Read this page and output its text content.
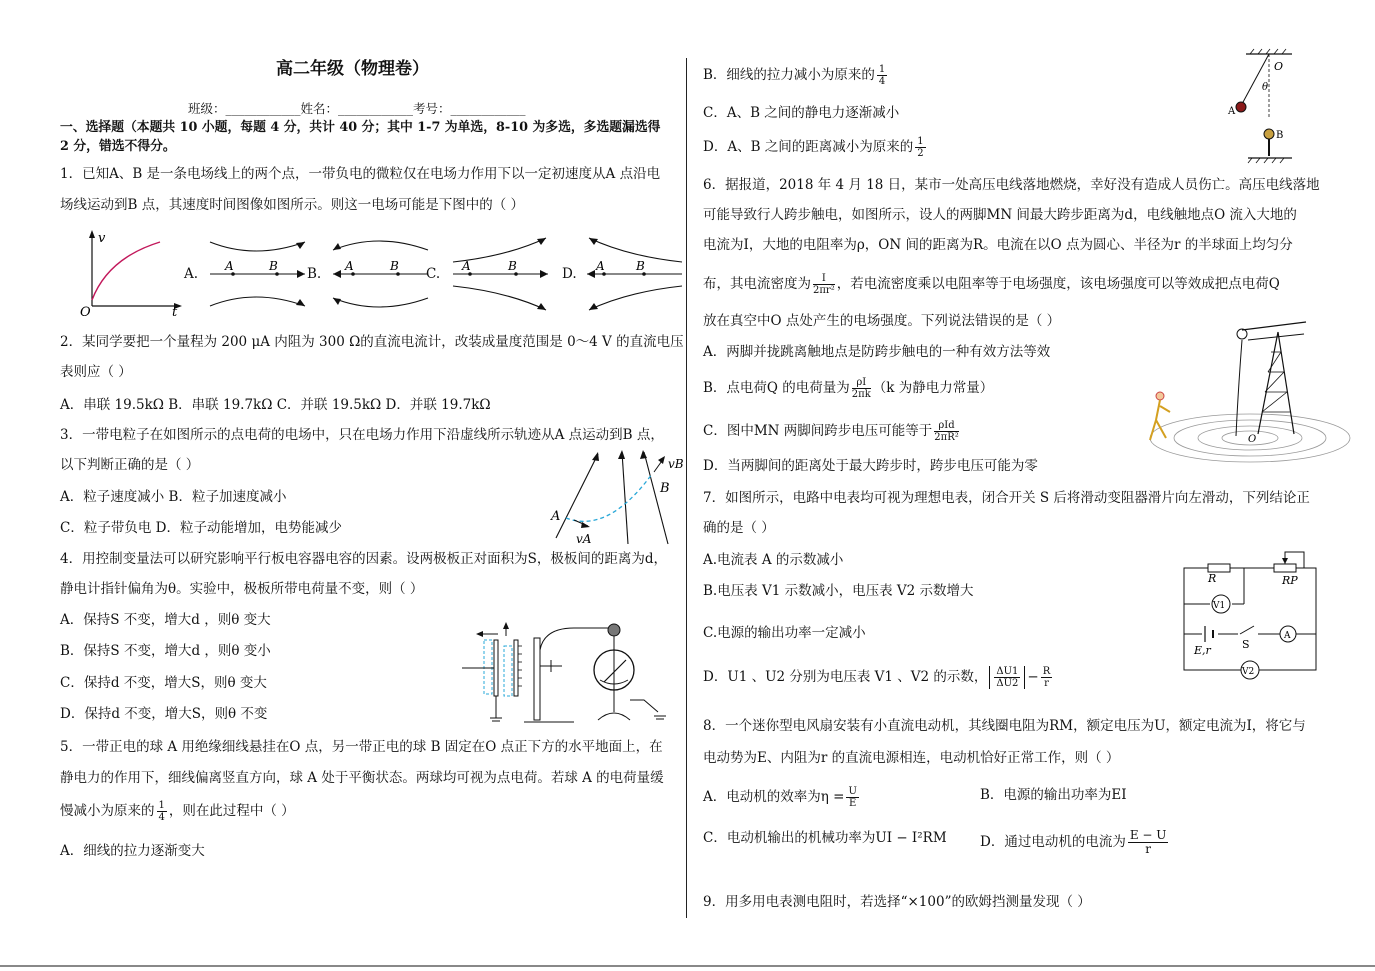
高二年级（物理卷）
班级：____________姓名：____________考号：____________
一、选择题（本题共 10 小题，每题 4 分，共计 40 分；其中 1-7 为单选，8-10 为多选，多选题漏选得
2 分，错选不得分。
1．已知A、B 是一条电场线上的两个点，一带负电的微粒仅在电场力作用下以一定初速度从A 点沿电
场线运动到B 点，其速度时间图像如图所示。则这一电场可能是下图中的（ ）
v
t
O
A. A	B B. A	B C. A	B	D. A	B
2．某同学要把一个量程为 200 μA 内阻为 300 Ω的直流电流计，改装成量度范围是 0～4 V 的直流电压
表则应（ ）
A．串联 19.5kΩ B．串联 19.7kΩ C．并联 19.5kΩ D．并联 19.7kΩ
3．一带电粒子在如图所示的点电荷的电场中，只在电场力作用下沿虚线所示轨迹从A 点运动到B 点，
以下判断正确的是（ ）
A．粒子速度减小 B．粒子加速度减小
C．粒子带负电 D．粒子动能增加，电势能减少
A
B
vA
vB
4．用控制变量法可以研究影响平行板电容器电容的因素。设两极板正对面积为S，极板间的距离为d，
静电计指针偏角为θ。实验中，极板所带电荷量不变，则（ ）
A．保持S 不变，增大d ，则θ 变大
B．保持S 不变，增大d ，则θ 变小
C．保持d 不变，增大S，则θ 变大
D．保持d 不变，增大S，则θ 不变
5．一带正电的球 A 用绝缘细线悬挂在O 点，另一带正电的球 B 固定在O 点正下方的水平地面上，在
静电力的作用下，细线偏离竖直方向，球 A 处于平衡状态。两球均可视为点电荷。若球 A 的电荷量缓
慢减小为原来的 $\frac{1}{4}$ ，则在此过程中（ ）
A．细线的拉力逐渐变大
B．细线的拉力减小为原来的 $\frac{1}{4}$
C．A、B 之间的静电力逐渐减小
D．A、B 之间的距离减小为原来的 $\frac{1}{2}$
O
θ
A
B
6．据报道，2018 年 4 月 18 日，某市一处高压电线落地燃烧，幸好没有造成人员伤亡。高压电线落地
可能导致行人跨步触电，如图所示，设人的两脚MN 间最大跨步距离为d，电线触地点O 流入大地的
电流为I，大地的电阻率为ρ，ON 间的距离为R。电流在以O 点为圆心、半径为r 的半球面上均匀分
布，其电流密度为 $\frac{I}{\text{2πr²}}$ ，若电流密度乘以电阻率等于电场强度，该电场强度可以等效成把点电荷Q
放在真空中O 点处产生的电场强度。下列说法错误的是（ ）
A．两脚并拢跳离触地点是防跨步触电的一种有效方法等效
B．点电荷Q 的电荷量为 $\frac{\rho I}{2\pi k} (k$ 为静电力常量）
C．图中MN 两脚间跨步电压可能等于 $\frac{\text{ρId}}{\text{2πR²}}$
D．当两脚间的距离处于最大跨步时，跨步电压可能为零
O
7．如图所示，电路中电表均可视为理想电表，闭合开关 S 后将滑动变阻器滑片向左滑动，下列结论正
确的是（ ）
A.电流表 A 的示数减小
B.电压表 V1 示数减小，电压表 V2 示数增大
C.电源的输出功率一定减小
D．U1 、U2 分别为电压表 V1 、V2 的示数， $\frac{\Delta U1}{\Delta U2} - \frac{R}{r}$
R	RP
V1
A
S
E,r
V2
8．一个迷你型电风扇安装有小直流电动机，其线圈电阻为RM，额定电压为U，额定电流为I，将它与
电动势为E、内阻为r 的直流电源相连，电动机恰好正常工作，则（ ）
A．电动机的效率为$\eta = \frac{U}{E}$	B．电源的输出功率为EI
C．电动机输出的机械功率为UI − I²RM D．通过电动机的电流为 $\frac{E - U}{r}$
9．用多用电表测电阻时，若选择“×100”的欧姆挡测量发现（ ）
